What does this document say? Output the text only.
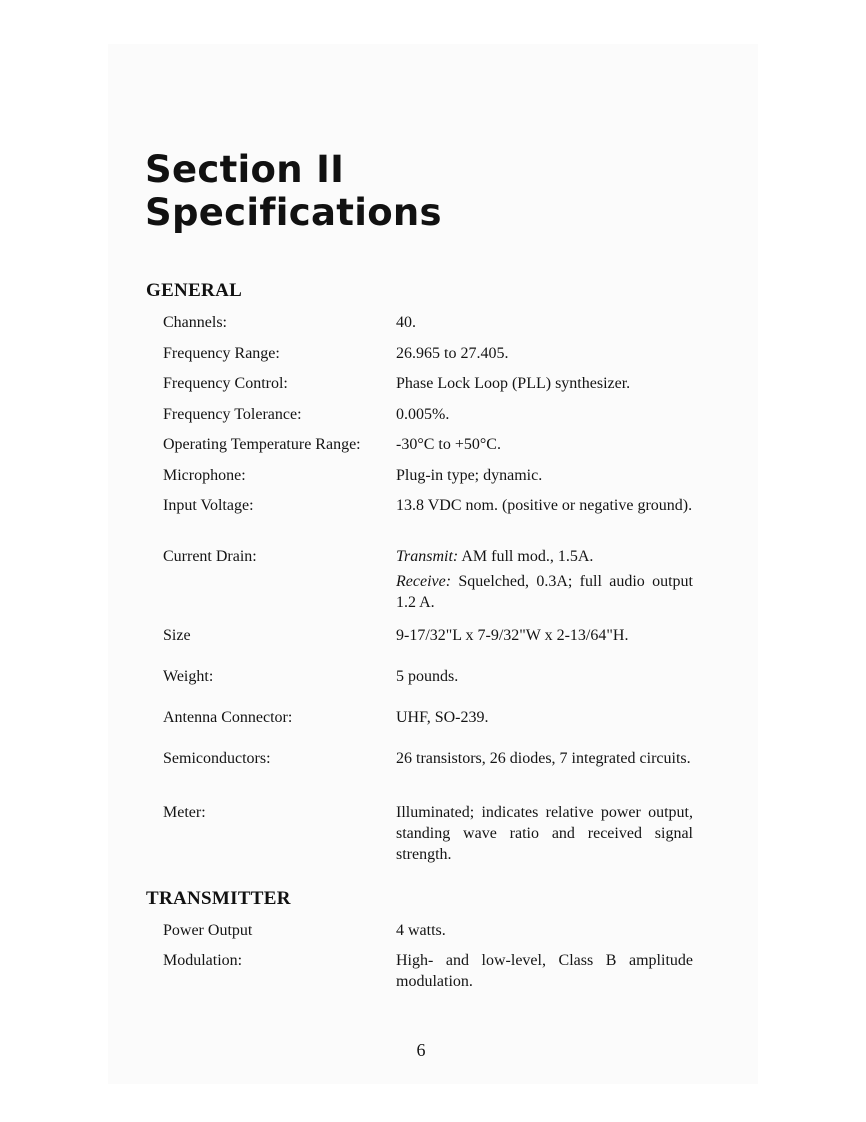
Section II
Specifications
GENERAL

Channels:	40.

Frequency Range:	26.965 to 27.405.

Frequency Control:	Phase Lock Loop (PLL) synthesizer.

Frequency Tolerance:	0.005%.

Operating Temperature Range: -30°C to +50°C.

Microphone:	Plug-in type; dynamic.

Input Voltage:	13.8 VDC nom. (positive or negative ground).

Current Drain:	Transmit: AM full mod., 1.5A.

Receive: Squelched, 0.3A; full audio output 1.2 A.

Size	9-17/32"L x 7-9/32"W x 2-13/64"H.

Weight:	5 pounds.

Antenna Connector:	UHF, SO-239.

Semiconductors:	26 transistors, 26 diodes, 7 integrated circuits.

Meter:	Illuminated; indicates relative power output, standing wave ratio and received signal strength.

TRANSMITTER

Power Output	4 watts.

Modulation:	High- and low-level, Class B amplitude modulation.

6
